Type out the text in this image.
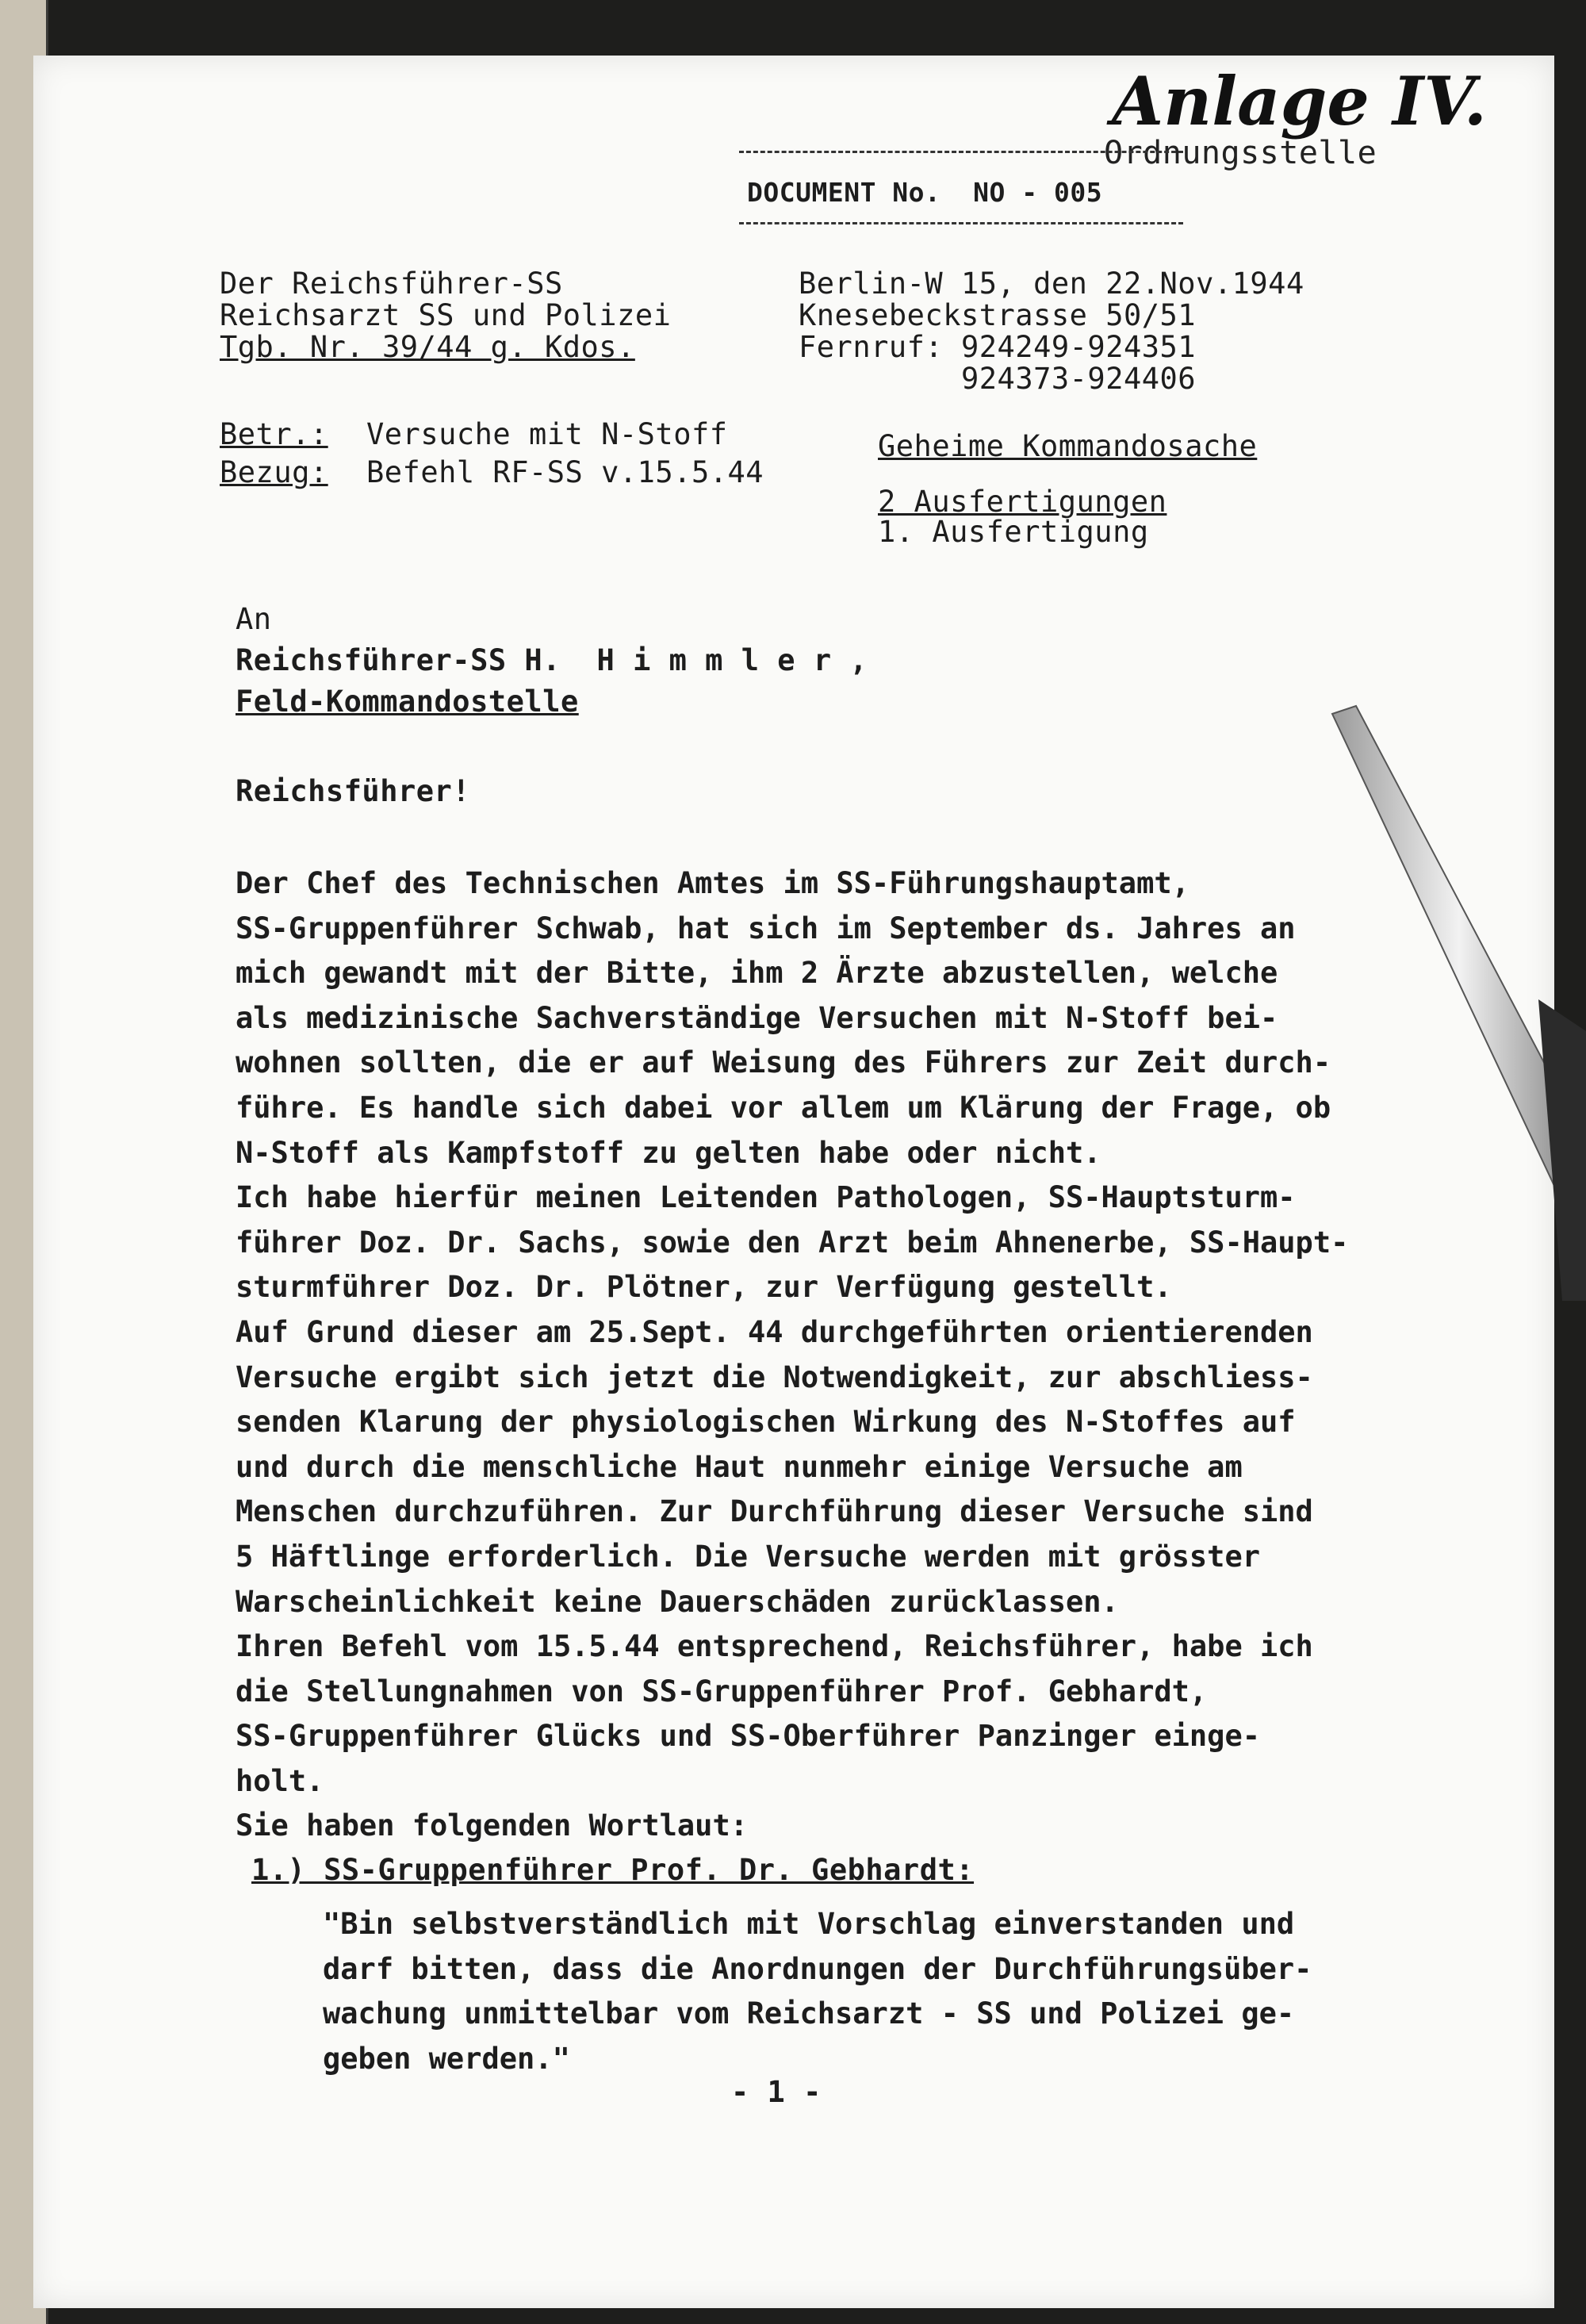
Anlage IV.
Ordnungsstelle
DOCUMENT No.  NO - 005
Der Reichsführer-SS
Reichsarzt SS und Polizei
Tgb. Nr. 39/44 g. Kdos.
Berlin-W 15, den 22.Nov.1944
Knesebeckstrasse 50/51
Fernruf: 924249-924351
924373-924406
Betr.: Versuche mit N-Stoff
Bezug: Befehl RF-SS v.15.5.44
Geheime Kommandosache
2 Ausfertigungen
1. Ausfertigung
An
Reichsführer-SS H.  H i m m l e r ,
Feld-Kommandostelle
Reichsführer!
Der Chef des Technischen Amtes im SS-Führungshauptamt,
SS-Gruppenführer Schwab, hat sich im September ds. Jahres an
mich gewandt mit der Bitte, ihm 2 Ärzte abzustellen, welche
als medizinische Sachverständige Versuchen mit N-Stoff bei-
wohnen sollten, die er auf Weisung des Führers zur Zeit durch-
führe. Es handle sich dabei vor allem um Klärung der Frage, ob
N-Stoff als Kampfstoff zu gelten habe oder nicht.
Ich habe hierfür meinen Leitenden Pathologen, SS-Hauptsturm-
führer Doz. Dr. Sachs, sowie den Arzt beim Ahnenerbe, SS-Haupt-
sturmführer Doz. Dr. Plötner, zur Verfügung gestellt.
Auf Grund dieser am 25.Sept. 44 durchgeführten orientierenden
Versuche ergibt sich jetzt die Notwendigkeit, zur abschliess-
senden Klarung der physiologischen Wirkung des N-Stoffes auf
und durch die menschliche Haut nunmehr einige Versuche am
Menschen durchzuführen. Zur Durchführung dieser Versuche sind
5 Häftlinge erforderlich. Die Versuche werden mit grösster
Warscheinlichkeit keine Dauerschäden zurücklassen.
Ihren Befehl vom 15.5.44 entsprechend, Reichsführer, habe ich
die Stellungnahmen von SS-Gruppenführer Prof. Gebhardt,
SS-Gruppenführer Glücks und SS-Oberführer Panzinger einge-
holt.
Sie haben folgenden Wortlaut:
1.) SS-Gruppenführer Prof. Dr. Gebhardt:
"Bin selbstverständlich mit Vorschlag einverstanden und
darf bitten, dass die Anordnungen der Durchführungsüber-
wachung unmittelbar vom Reichsarzt - SS und Polizei ge-
geben werden."
- 1 -
